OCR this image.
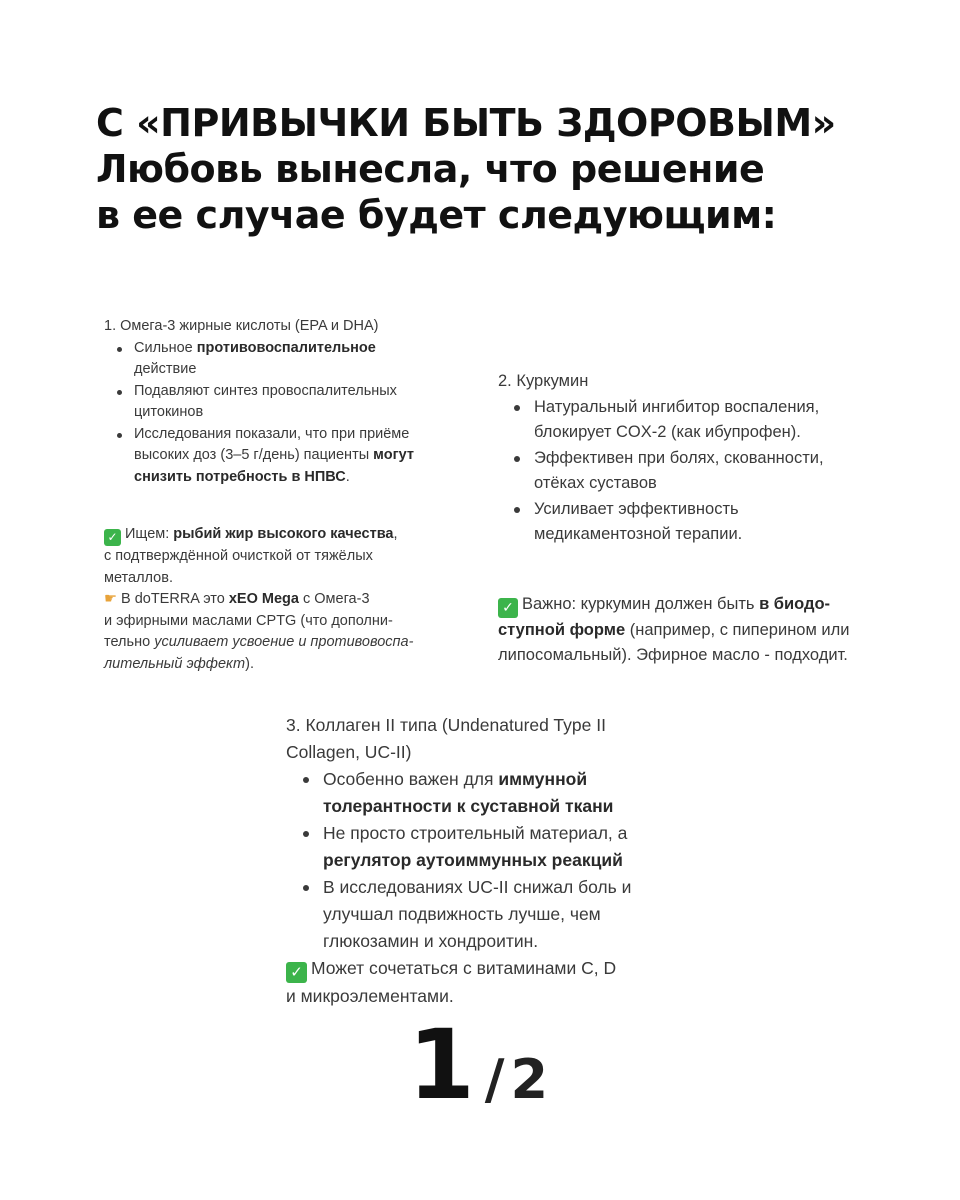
С «ПРИВЫЧКИ БЫТЬ ЗДОРОВЫМ»
Любовь вынесла, что решение
в ее случае будет следующим:

1. Омега-3 жирные кислоты (EPA и DHA)

Сильное противовоспалительное
действие
Подавляют синтез провоспалительных
цитокинов
Исследования показали, что при приёме
высоких доз (3–5 г/день) пациенты могут
снизить потребность в НПВС.
✓ Ищем: рыбий жир высокого качества,
с подтверждённой очисткой от тяжёлых
металлов.
☛ В doTERRA это xEO Mega с Омега-3
и эфирными маслами CPTG (что дополни-
тельно усиливает усвоение и противовоспа-
лительный эффект).

2. Куркумин

Натуральный ингибитор воспаления,
блокирует COX-2 (как ибупрофен).
Эффективен при болях, скованности,
отёках суставов
Усиливает эффективность
медикаментозной терапии.
✓ Важно: куркумин должен быть в биодо-
ступной форме (например, с пиперином или
липосомальный). Эфирное масло - подходит.

3. Коллаген II типа (Undenatured Type II

Collagen, UC-II)

Особенно важен для иммунной
толерантности к суставной ткани
Не просто строительный материал, а
регулятор аутоиммунных реакций
В исследованиях UC-II снижал боль и
улучшал подвижность лучше, чем
глюкозамин и хондроитин.
✓ Может сочетаться с витаминами C, D
и микроэлементами.
1 / 2
